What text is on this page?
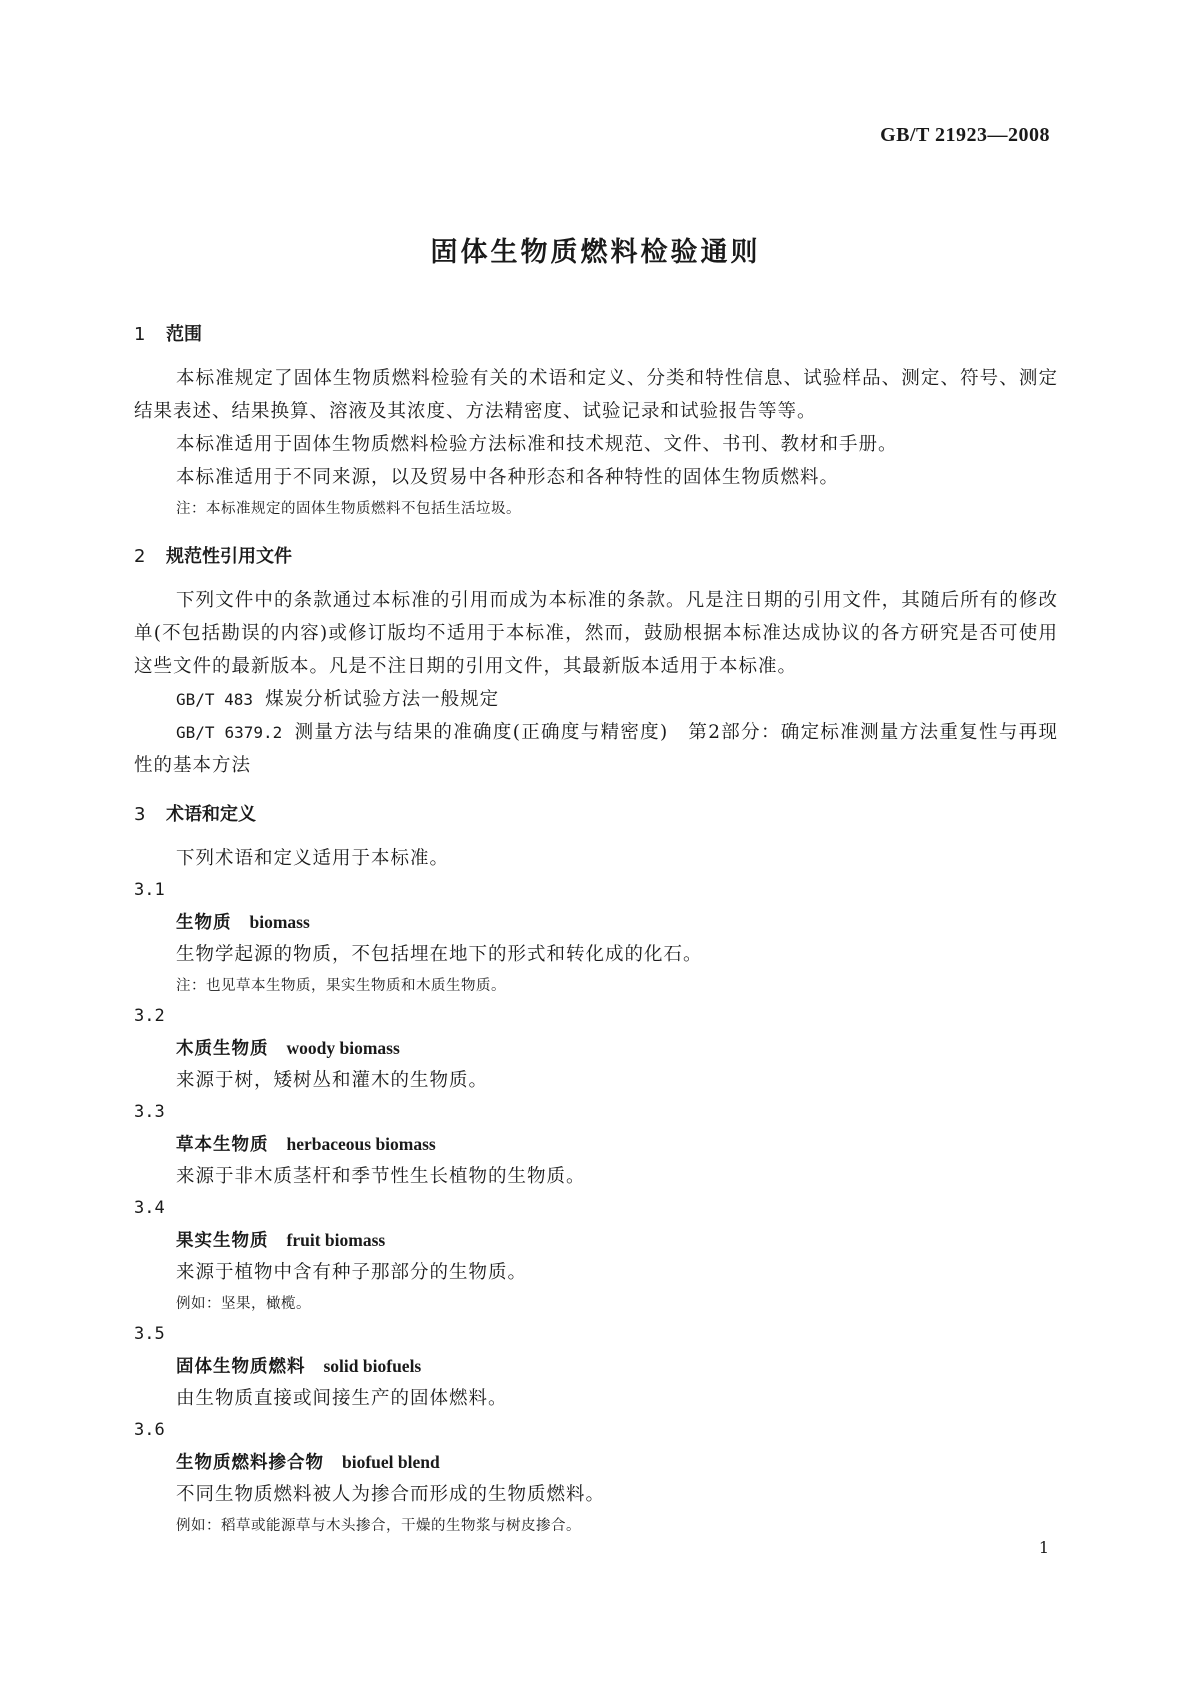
GB/T 21923—2008
固体生物质燃料检验通则
1 范围

本标准规定了固体生物质燃料检验有关的术语和定义、分类和特性信息、试验样品、测定、符号、测定结果表述、结果换算、溶液及其浓度、方法精密度、试验记录和试验报告等等。

本标准适用于固体生物质燃料检验方法标准和技术规范、文件、书刊、教材和手册。

本标准适用于不同来源，以及贸易中各种形态和各种特性的固体生物质燃料。

注：本标准规定的固体生物质燃料不包括生活垃圾。

2 规范性引用文件

下列文件中的条款通过本标准的引用而成为本标准的条款。凡是注日期的引用文件，其随后所有的修改单(不包括勘误的内容)或修订版均不适用于本标准，然而，鼓励根据本标准达成协议的各方研究是否可使用这些文件的最新版本。凡是不注日期的引用文件，其最新版本适用于本标准。

GB/T 483 煤炭分析试验方法一般规定

GB/T 6379.2 测量方法与结果的准确度(正确度与精密度)　第2部分：确定标准测量方法重复性与再现性的基本方法

3 术语和定义

下列术语和定义适用于本标准。

3.1

生物质 biomass

生物学起源的物质，不包括埋在地下的形式和转化成的化石。

注：也见草本生物质，果实生物质和木质生物质。

3.2

木质生物质 woody biomass

来源于树，矮树丛和灌木的生物质。

3.3

草本生物质 herbaceous biomass

来源于非木质茎杆和季节性生长植物的生物质。

3.4

果实生物质 fruit biomass

来源于植物中含有种子那部分的生物质。

例如：坚果，橄榄。

3.5

固体生物质燃料 solid biofuels

由生物质直接或间接生产的固体燃料。

3.6

生物质燃料掺合物 biofuel blend

不同生物质燃料被人为掺合而形成的生物质燃料。

例如：稻草或能源草与木头掺合，干燥的生物浆与树皮掺合。

1
